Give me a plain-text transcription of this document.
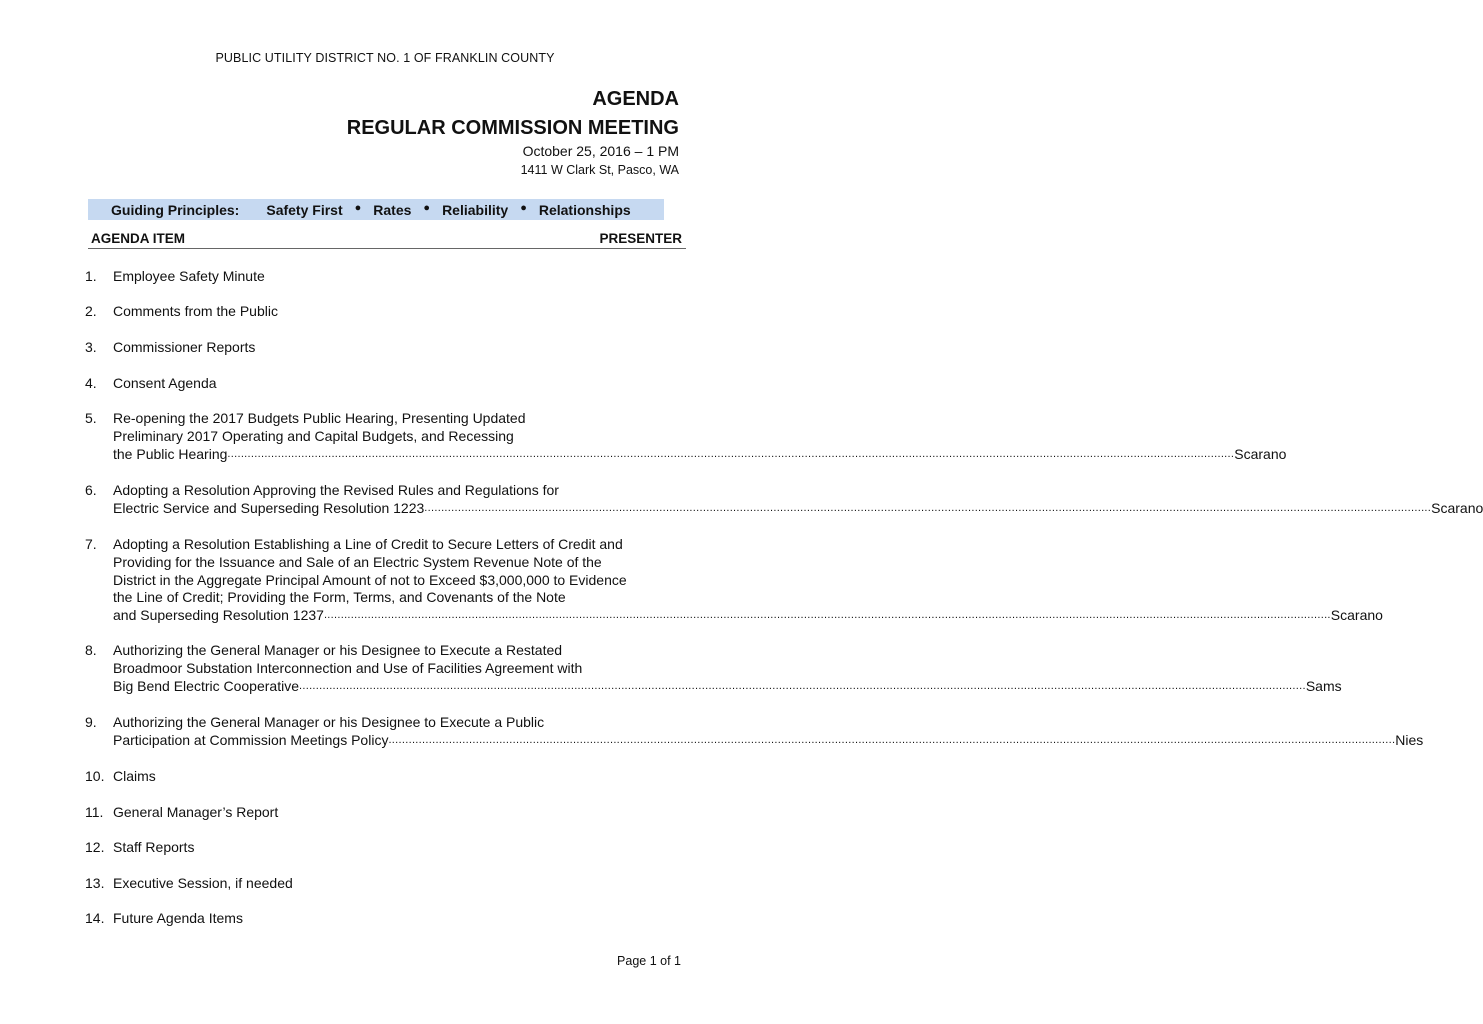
PUBLIC UTILITY DISTRICT NO. 1 OF FRANKLIN COUNTY
AGENDA
REGULAR COMMISSION MEETING
October 25, 2016 – 1 PM
1411 W Clark St, Pasco, WA
Guiding Principles: Safety First ● Rates ● Reliability ● Relationships
AGENDA ITEM	PRESENTER
1. Employee Safety Minute
2. Comments from the Public
3. Commissioner Reports
4. Consent Agenda
5. Re-opening the 2017 Budgets Public Hearing, Presenting Updated
Preliminary 2017 Operating and Capital Budgets, and Recessing
the Public Hearing ............................................................................................................................................................................................................................................................................................................ Scarano
6. Adopting a Resolution Approving the Revised Rules and Regulations for
Electric Service and Superseding Resolution 1223 ............................................................................................................................................................................................................................................................................................................ Scarano
7. Adopting a Resolution Establishing a Line of Credit to Secure Letters of Credit and
Providing for the Issuance and Sale of an Electric System Revenue Note of the
District in the Aggregate Principal Amount of not to Exceed $3,000,000 to Evidence
the Line of Credit; Providing the Form, Terms, and Covenants of the Note
and Superseding Resolution 1237 ............................................................................................................................................................................................................................................................................................................ Scarano
8. Authorizing the General Manager or his Designee to Execute a Restated
Broadmoor Substation Interconnection and Use of Facilities Agreement with
Big Bend Electric Cooperative ............................................................................................................................................................................................................................................................................................................ Sams
9. Authorizing the General Manager or his Designee to Execute a Public
Participation at Commission Meetings Policy ............................................................................................................................................................................................................................................................................................................ Nies
10. Claims
11. General Manager’s Report
12. Staff Reports
13. Executive Session, if needed
14. Future Agenda Items
Page 1 of 1
